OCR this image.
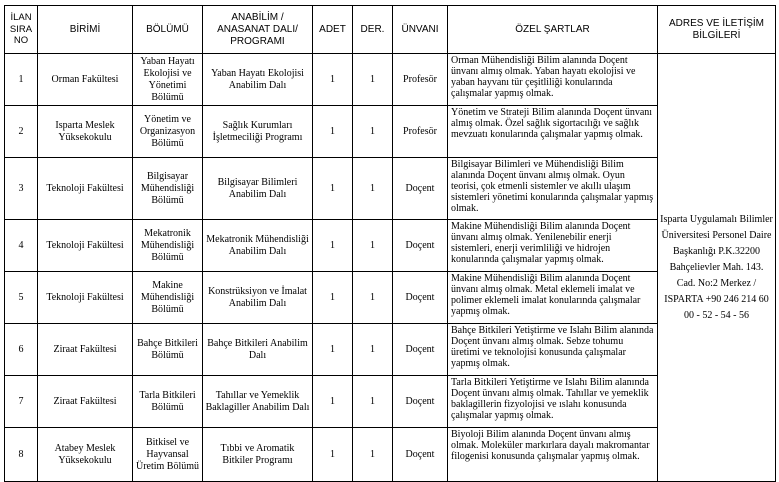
İLAN SIRA NO	BİRİMİ	BÖLÜMÜ	ANABİLİM / ANASANAT DALI/ PROGRAMI	ADET	DER.	ÜNVANI	ÖZEL ŞARTLAR	ADRES VE İLETİŞİM BİLGİLERİ
1	Orman Fakültesi	Yaban Hayatı Ekolojisi ve Yönetimi Bölümü	Yaban Hayatı Ekolojisi Anabilim Dalı	1	1	Profesör	Orman Mühendisliği Bilim alanında Doçent ünvanı almış olmak. Yaban hayatı ekolojisi ve yaban hayvanı tür çeşitliliği konularında çalışmalar yapmış olmak.	Isparta Uygulamalı Bilimler Üniversitesi Personel Daire Başkanlığı P.K.32200 Bahçelievler Mah. 143. Cad. No:2 Merkez / ISPARTA +90 246 214 60 00 - 52 - 54 - 56
2	Isparta Meslek Yüksekokulu	Yönetim ve Organizasyon Bölümü	Sağlık Kurumları İşletmeciliği Programı	1	1	Profesör	Yönetim ve Strateji Bilim alanında Doçent ünvanı almış olmak. Özel sağlık sigortacılığı ve sağlık mevzuatı konularında çalışmalar yapmış olmak.	
3	Teknoloji Fakültesi	Bilgisayar Mühendisliği Bölümü	Bilgisayar Bilimleri Anabilim Dalı	1	1	Doçent	Bilgisayar Bilimleri ve Mühendisliği Bilim alanında Doçent ünvanı almış olmak. Oyun teorisi, çok etmenli sistemler ve akıllı ulaşım sistemleri yönetimi konularında çalışmalar yapmış olmak.	
4	Teknoloji Fakültesi	Mekatronik Mühendisliği Bölümü	Mekatronik Mühendisliği Anabilim Dalı	1	1	Doçent	Makine Mühendisliği Bilim alanında Doçent ünvanı almış olmak. Yenilenebilir enerji sistemleri, enerji verimliliği ve hidrojen konularında çalışmalar yapmış olmak.	
5	Teknoloji Fakültesi	Makine Mühendisliği Bölümü	Konstrüksiyon ve İmalat Anabilim Dalı	1	1	Doçent	Makine Mühendisliği Bilim alanında Doçent ünvanı almış olmak. Metal eklemeli imalat ve polimer eklemeli imalat konularında çalışmalar yapmış olmak.	
6	Ziraat Fakültesi	Bahçe Bitkileri Bölümü	Bahçe Bitkileri Anabilim Dalı	1	1	Doçent	Bahçe Bitkileri Yetiştirme ve Islahı Bilim alanında Doçent ünvanı almış olmak. Sebze tohumu üretimi ve teknolojisi konusunda çalışmalar yapmış olmak.	
7	Ziraat Fakültesi	Tarla Bitkileri Bölümü	Tahıllar ve Yemeklik Baklagiller Anabilim Dalı	1	1	Doçent	Tarla Bitkileri Yetiştirme ve Islahı Bilim alanında Doçent ünvanı almış olmak. Tahıllar ve yemeklik baklagillerin fizyolojisi ve ıslahı konusunda çalışmalar yapmış olmak.	
8	Atabey Meslek Yüksekokulu	Bitkisel ve Hayvansal Üretim Bölümü	Tıbbi ve Aromatik Bitkiler Programı	1	1	Doçent	Biyoloji Bilim alanında Doçent ünvanı almış olmak. Moleküler markırlara dayalı makromantar filogenisi konusunda çalışmalar yapmış olmak.	
